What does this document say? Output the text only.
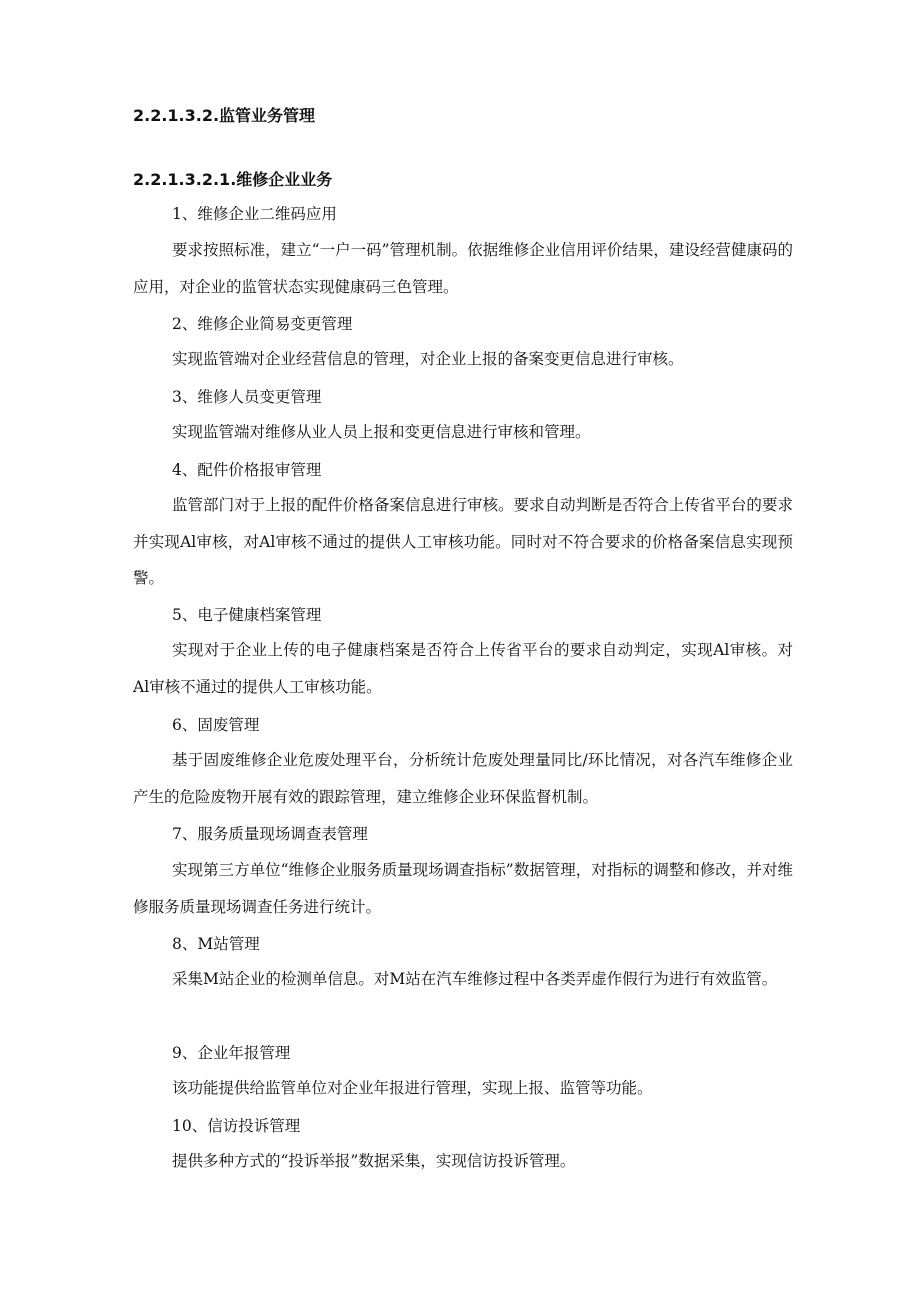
2.2.1.3.2.监管业务管理
2.2.1.3.2.1.维修企业业务
1、维修企业二维码应用

要求按照标准，建立“一户一码”管理机制。依据维修企业信用评价结果，建设经营健康码的应用，对企业的监管状态实现健康码三色管理。

2、维修企业简易变更管理

实现监管端对企业经营信息的管理，对企业上报的备案变更信息进行审核。

3、维修人员变更管理

实现监管端对维修从业人员上报和变更信息进行审核和管理。

4、配件价格报审管理

监管部门对于上报的配件价格备案信息进行审核。要求自动判断是否符合上传省平台的要求并实现Al审核，对Al审核不通过的提供人工审核功能。同时对不符合要求的价格备案信息实现预警。

5、电子健康档案管理

实现对于企业上传的电子健康档案是否符合上传省平台的要求自动判定，实现Al审核。对Al审核不通过的提供人工审核功能。

6、固废管理

基于固废维修企业危废处理平台，分析统计危废处理量同比/环比情况，对各汽车维修企业产生的危险废物开展有效的跟踪管理，建立维修企业环保监督机制。

7、服务质量现场调查表管理

实现第三方单位“维修企业服务质量现场调查指标”数据管理，对指标的调整和修改，并对维修服务质量现场调查任务进行统计。

8、M站管理

采集M站企业的检测单信息。对M站在汽车维修过程中各类弄虚作假行为进行有效监管。

9、企业年报管理

该功能提供给监管单位对企业年报进行管理，实现上报、监管等功能。

10、信访投诉管理

提供多种方式的“投诉举报”数据采集，实现信访投诉管理。
